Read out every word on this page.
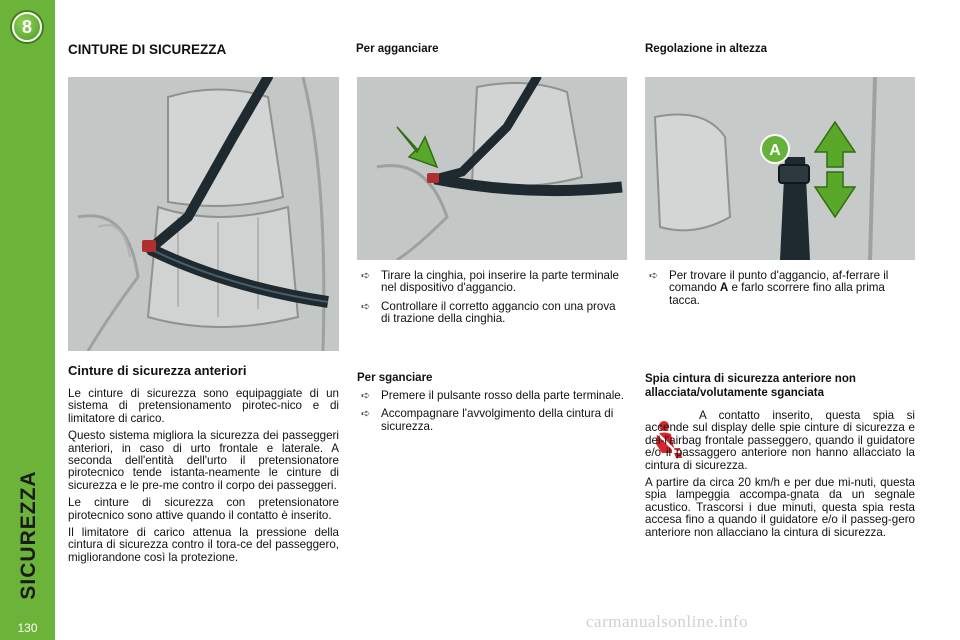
8
SICUREZZA
130
CINTURE DI SICUREZZA	Per agganciare	Regolazione in altezza
A
Cinture di sicurezza anteriori

Le cinture di sicurezza sono equipaggiate di un sistema di pretensionamento pirotec-nico e di limitatore di carico.

Questo sistema migliora la sicurezza dei passeggeri anteriori, in caso di urto frontale e laterale. A seconda dell'entità dell'urto il pretensionatore pirotecnico tende istanta-neamente le cinture di sicurezza e le pre-me contro il corpo dei passeggeri.

Le cinture di sicurezza con pretensionatore pirotecnico sono attive quando il contatto è inserito.

Il limitatore di carico attenua la pressione della cintura di sicurezza contro il tora-ce del passeggero, migliorandone così la protezione.

➪ Tirare la cinghia, poi inserire la parte terminale nel dispositivo d'aggancio.
➪ Controllare il corretto aggancio con una prova di trazione della cinghia.
Per sganciare
➪ Premere il pulsante rosso della parte terminale.
➪ Accompagnare l'avvolgimento della cintura di sicurezza.
➪ Per trovare il punto d'aggancio, af-ferrare il comando A e farlo scorrere fino alla prima tacca.
Spia cintura di sicurezza anteriore non allacciata/volutamente sganciata

A contatto inserito, questa spia si accende sul display delle spie cinture di sicurezza e del-l'airbag frontale passeggero, quando il guidatore e/o il passaggero anteriore non hanno allacciato la cintura di sicurezza.

A partire da circa 20 km/h e per due mi-nuti, questa spia lampeggia accompa-gnata da un segnale acustico. Trascorsi i due minuti, questa spia resta accesa fino a quando il guidatore e/o il passeg-gero anteriore non allacciano la cintura di sicurezza.

carmanualsonline.info
